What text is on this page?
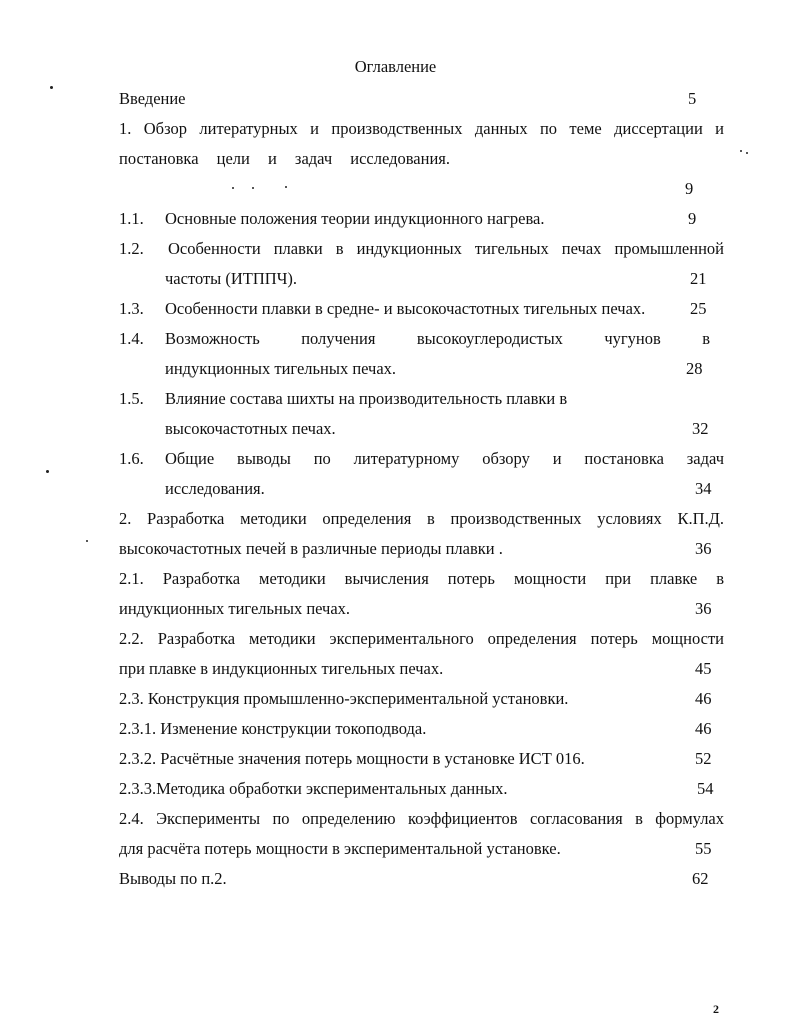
Оглавление
Введение	5
1. Обзор литературных и производственных данных по теме диссертации и
постановка цели и задач исследования.
9
1.1. Основные положения теории индукционного нагрева.	9
1.2. Особенности плавки в индукционных тигельных печах промышленной
частоты (ИТППЧ).	21
1.3. Особенности плавки в средне- и высокочастотных тигельных печах.	25
1.4. Возможность получения высокоуглеродистых чугунов в
индукционных тигельных печах.	28
1.5. Влияние состава шихты на производительность плавки в
высокочастотных печах.	32
1.6. Общие выводы по литературному обзору и постановка задач
исследования.	34
2. Разработка методики определения в производственных условиях К.П.Д.
высокочастотных печей в различные периоды плавки .	36
2.1. Разработка методики вычисления потерь мощности при плавке в
индукционных тигельных печах.	36
2.2. Разработка методики экспериментального определения потерь мощности
при плавке в индукционных тигельных печах.	45
2.3. Конструкция промышленно-экспериментальной установки.	46
2.3.1. Изменение конструкции токоподвода.	46
2.3.2. Расчётные значения потерь мощности в установке ИСТ 016.	52
2.3.3.Методика обработки экспериментальных данных.	54
2.4. Эксперименты по определению коэффициентов согласования в формулах
для расчёта потерь мощности в экспериментальной установке.	55
Выводы по п.2.	62
2
